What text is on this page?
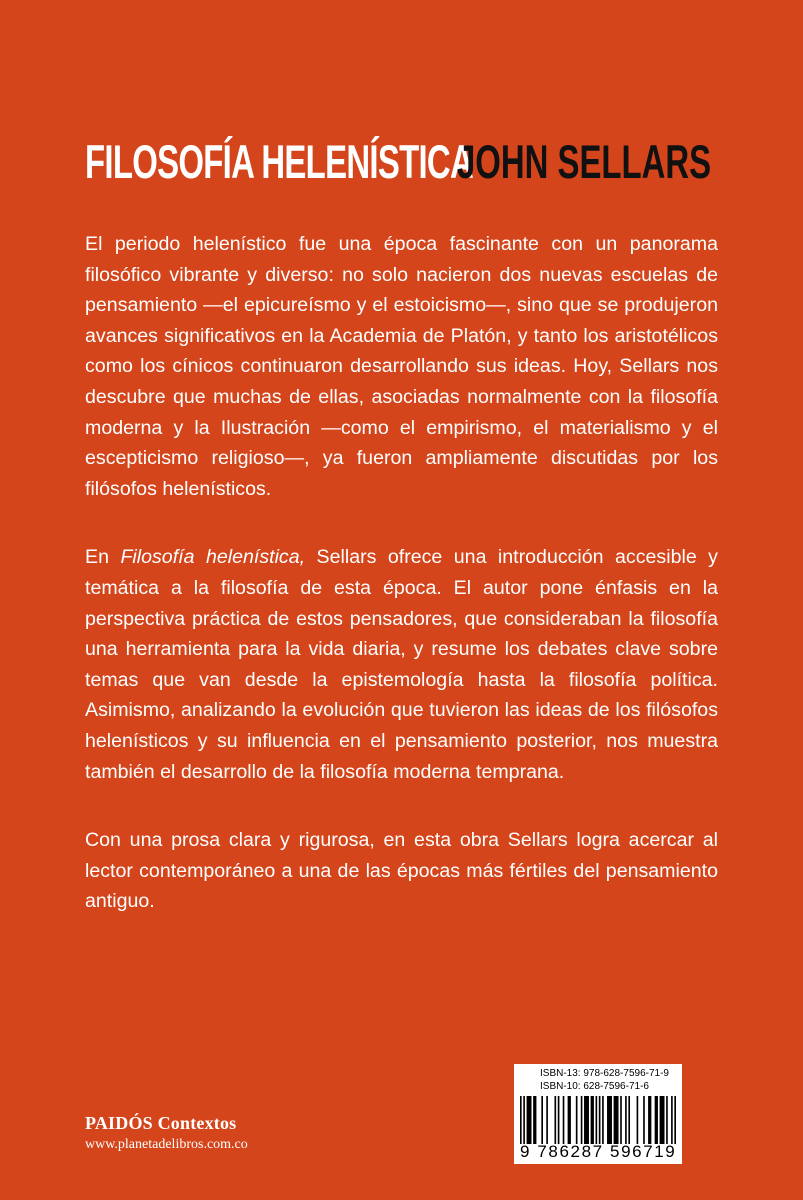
FILOSOFÍA HELENÍSTICA
JOHN SELLARS

El periodo helenístico fue una época fascinante con un panorama filosófico vibrante y diverso: no solo nacieron dos nuevas escuelas de pensamiento —el epicureísmo y el estoicismo—, sino que se produjeron avances significativos en la Academia de Platón, y tanto los aristotélicos como los cínicos continuaron desarrollando sus ideas. Hoy, Sellars nos descubre que muchas de ellas, asociadas normalmente con la filosofía moderna y la Ilustración —como el empirismo, el materialismo y el escepticismo religioso—, ya fueron ampliamente discutidas por los filósofos helenísticos.

En Filosofía helenística, Sellars ofrece una introducción accesible y temática a la filosofía de esta época. El autor pone énfasis en la perspectiva práctica de estos pensadores, que consideraban la filosofía una herramienta para la vida diaria, y resume los debates clave sobre temas que van desde la epistemología hasta la filosofía política. Asimismo, analizando la evolución que tuvieron las ideas de los filósofos helenísticos y su influencia en el pensamiento posterior, nos muestra también el desarrollo de la filosofía moderna temprana.

Con una prosa clara y rigurosa, en esta obra Sellars logra acercar al lector contemporáneo a una de las épocas más fértiles del pensamiento antiguo.

PAIDÓS Contextos
www.planetadelibros.com.co
ISBN-13: 978-628-7596-71-9
ISBN-10: 628-7596-71-6
9 786287 596719
